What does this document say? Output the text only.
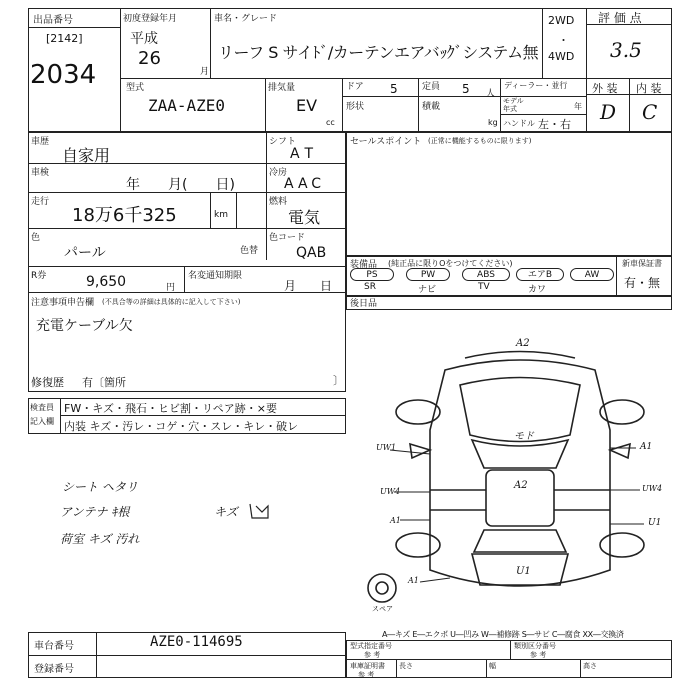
出品番号
[2142]
2034
初度登録年月
平成
26
月
車名・グレード
リーフ S サイﾄﾞ/カーテンエアバｯｸﾞシステム無
2WD
・
4WD
評 価 点
3.5
外 装 内 装
D C
型式
ZAA-AZE0
排気量
EV
cc
ドア 5	定員 5 人
ディーラー・並行
形状	積載
kg
モデル年式	年
ハンドル 左・右
車歴
自家用
シフト
AT
車検
年　　月(　　日)
冷房
AAC
走行
18万6千325	km
燃料
電気
色
パール	色替
色コード
QAB
R券	9,650	円
名変通知期限
月　　日
注意事項申告欄 (不具合等の詳細は具体的に記入して下さい)
充電ケーブル欠
修復歴 有〔箇所	〕
セールスポイント (正常に機能するものに限ります)
装備品 (純正品に限りOをつけてください)
PS	PW	ABS	エアB	AW
SR	ナビ	TV	カワ
新車保証書
有・無
後日品
検査員
記入欄
FW・キズ・飛石・ヒビ割・リペア跡・×要
内装 キズ・汚レ・コゲ・穴・スレ・キレ・破レ
シート ヘタリ
アンテナ ｷ根
荷室 キズ 汚れ
キズ
A2
モド
A2
U1
UW1
UW4
A1
A1
A1
UW4
U1
スペア
A―キズ E―エクボ U―凹み W―補修跡 S―サビ C―腐食 XX―交換済
車台番号	AZE0-114695
登録番号
型式指定番号
参 考
類別区分番号
参 考
車庫証明書
参 考
長さ	幅	高さ
